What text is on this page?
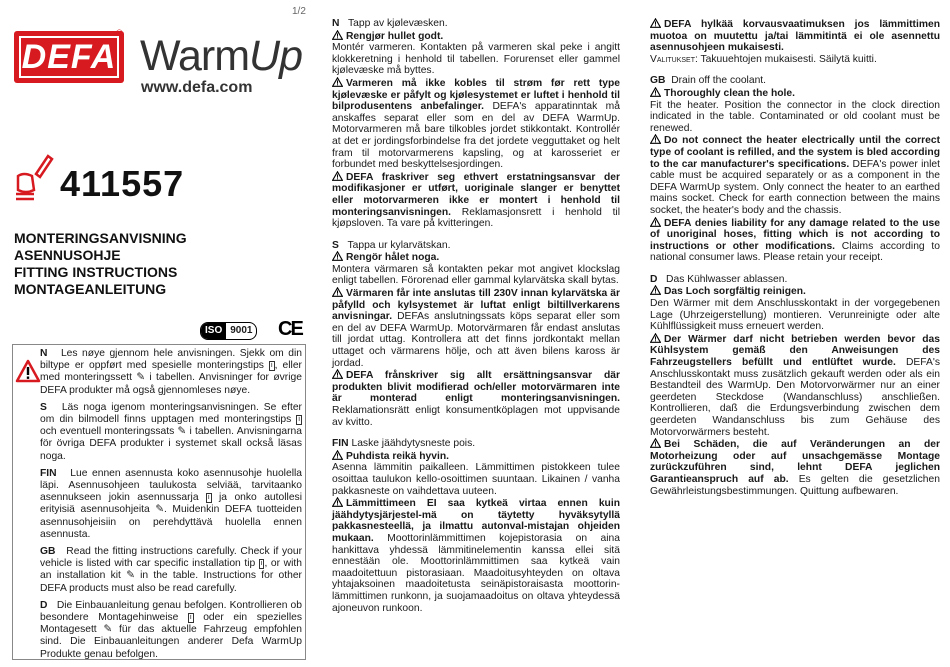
1/2
DEFA
® WarmUp
www.defa.com
411557
MONTERINGSANVISNING
ASENNUSOHJE
FITTING INSTRUCTIONS
MONTAGEANLEITUNG
ISO 9001 CE

N Les nøye gjennom hele anvisningen. Sjekk om din biltype er oppført med spesielle monteringstips i , eller med monteringssett ✎ i tabellen. Anvisninger for øvrige DEFA produkter må også gjennomleses nøye.

S Läs noga igenom monteringsanvisningen. Se efter om din bilmodell finns upptagen med monteringstips i och eventuell monteringssats ✎ i tabellen. Anvisningarna för övriga DEFA produkter i systemet skall också läsas noga.

FIN Lue ennen asennusta koko asennusohje huolella läpi. Asennusohjeen taulukosta selviää, tarvitaanko asennukseen jokin asennussarja i ja onko autollesi erityisiä asennusohjeita ✎. Muidenkin DEFA tuotteiden asennusohjeisiin on perehdyttävä huolella ennen asennusta.

GB Read the fitting instructions carefully. Check if your vehicle is listed with car specific installation tip i , or with an installation kit ✎ in the table. Instructions for other DEFA products must also be read carefully.

D Die Einbauanleitung genau befolgen. Kontrollieren ob besondere Montagehinweise i oder ein spezielles Montagesett ✎ für das aktuelle Fahrzeug empfohlen sind. Die Einbauanleitungen anderer Defa WarmUp Produkte genau befolgen.

N Tapp av kjølevæsken.

Rengjør hullet godt.

Montér varmeren. Kontakten på varmeren skal peke i angitt klokkeretning i henhold til tabellen. Forurenset eller gammel kjølevæske må byttes.

Varmeren må ikke kobles til strøm før rett type kjølevæske er påfylt og kjølesystemet er luftet i henhold til bilprodusentens anbefalinger. DEFA's apparatinntak må anskaffes separat eller som en del av DEFA WarmUp. Motorvarmeren må bare tilkobles jordet stikkontakt. Kontrollér at det er jordingsforbindelse fra det jordete vegguttaket og helt fram til motorvarmerens kapsling, og at karosseriet er forbundet med beskyttelsesjordingen.

DEFA fraskriver seg ethvert erstatningsansvar der modifikasjoner er utført, uoriginale slanger er benyttet eller motorvarmeren ikke er montert i henhold til monteringsanvisningen. Reklamasjonsrett i henhold til kjøpsloven. Ta vare på kvitteringen.

S Tappa ur kylarvätskan.

Rengör hålet noga.

Montera värmaren så kontakten pekar mot angivet klockslag enligt tabellen. Förorenad eller gammal kylarvätska skall bytas.

Värmaren får inte anslutas till 230V innan kylarvätska är påfylld och kylsystemet är luftat enligt biltillverkarens anvisningar. DEFAs anslutningssats köps separat eller som en del av DEFA WarmUp. Motorvärmaren får endast anslutas till jordat uttag. Kontrollera att det finns jordkontakt mellan uttaget och värmarens hölje, och att även bilens kaross är jordad.

DEFA frånskriver sig allt ersättningsansvar där produkten blivit modifierad och/eller motorvärmaren inte är monterad enligt monteringsanvisningen. Reklamationsrätt enligt konsumentköplagen mot uppvisande av kvitto.

FIN Laske jäähdytysneste pois.

Puhdista reikä hyvin.

Asenna lämmitin paikalleen. Lämmittimen pistokkeen tulee osoittaa taulukon kello-osoittimen suuntaan. Likainen / vanha pakkasneste on vaihdettava uuteen.

Lämmittimeen EI saa kytkeä virtaa ennen kuin jäähdytysjärjestel-mä on täytetty hyväksytyllä pakkasnesteellä, ja ilmattu autonval-mistajan ohjeiden mukaan. Moottorinlämmittimen kojepistorasia on aina hankittava yhdessä lämmitinelementin kanssa ellei sitä ennestään ole. Moottorinlämmittimen saa kytkeä vain maadoitettuun pistorasiaan. Maadoitusyhteyden on oltava yhtajaksoinen maadoitetusta seinäpistoraisasta moottorin-lämmittimen runkonn, ja suojamaadoitus on oltava yhteydessä ajoneuvon runkoon.

DEFA hylkää korvausvaatimuksen jos lämmittimen muotoa on muutettu ja/tai lämmitintä ei ole asennettu asennusohjeen mukaisesti.

Valitukset: Takuuehtojen mukaisesti. Säilytä kuitti.

GB Drain off the coolant.

Thoroughly clean the hole.

Fit the heater. Position the connector in the clock direction indicated in the table. Contaminated or old coolant must be renewed.

Do not connect the heater electrically until the correct type of coolant is refilled, and the system is bled according to the car manufacturer's specifications. DEFA's power inlet cable must be acquired separately or as a component in the DEFA WarmUp system. Only connect the heater to an earthed mains socket. Check for earth connection between the mains socket, the heater's body and the chassis.

DEFA denies liability for any damage related to the use of unoriginal hoses, fitting which is not according to instructions or other modifications. Claims according to national consumer laws. Please retain your receipt.

D Das Kühlwasser ablassen.

Das Loch sorgfältig reinigen.

Den Wärmer mit dem Anschlusskontakt in der vorgegebenen Lage (Uhrzeigerstellung) montieren. Verunreinigte oder alte Kühlflüssigkeit muss erneuert werden.

Der Wärmer darf nicht betrieben werden bevor das Kühlsystem gemäß den Anweisungen des Fahrzeugstellers befüllt und entlüftet wurde. DEFA's Anschlusskontakt muss zusätzlich gekauft werden oder als ein Bestandteil des WarmUp. Den Motorvorwärmer nur an einer geerdeten Steckdose (Wandanschluss) anschließen. Kontrollieren, daß die Erdungsverbindung zwischen dem geerdeten Wandanschluss bis zum Gehäuse des Motorvorwärmers besteht.

Bei Schäden, die auf Veränderungen an der Motorheizung oder auf unsachgemässe Montage zurückzuführen sind, lehnt DEFA jeglichen Garantieanspruch auf ab. Es gelten die gesetzlichen Gewährleistungsbestimmungen. Quittung aufbewaren.
